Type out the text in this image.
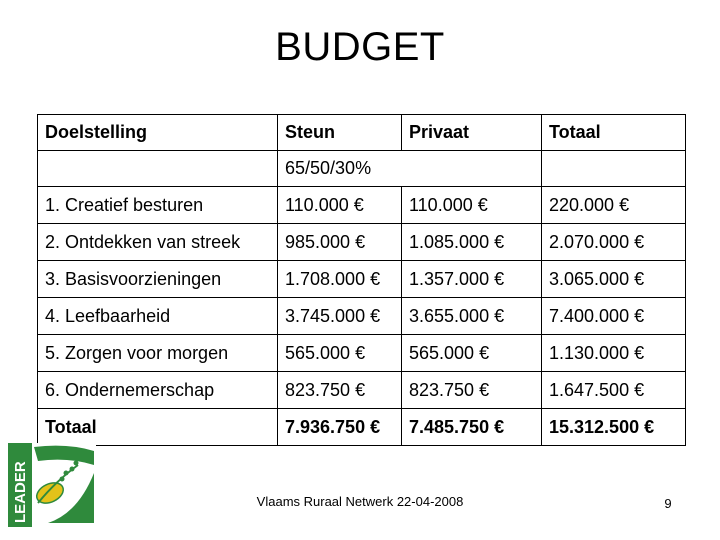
BUDGET
Doelstelling	Steun	Privaat	Totaal
	65/50/30%		
1. Creatief besturen	110.000 €	110.000 €	220.000 €
2. Ontdekken van streek	985.000 €	1.085.000 €	2.070.000 €
3. Basisvoorzieningen	1.708.000 €	1.357.000 €	3.065.000 €
4. Leefbaarheid	3.745.000 €	3.655.000 €	7.400.000 €
5. Zorgen voor morgen	565.000 €	565.000 €	1.130.000 €
6. Ondernemerschap	823.750 €	823.750 €	1.647.500 €
Totaal	7.936.750 €	7.485.750 €	15.312.500 €
LEADER	Vlaams Ruraal Netwerk 22-04-2008	9
